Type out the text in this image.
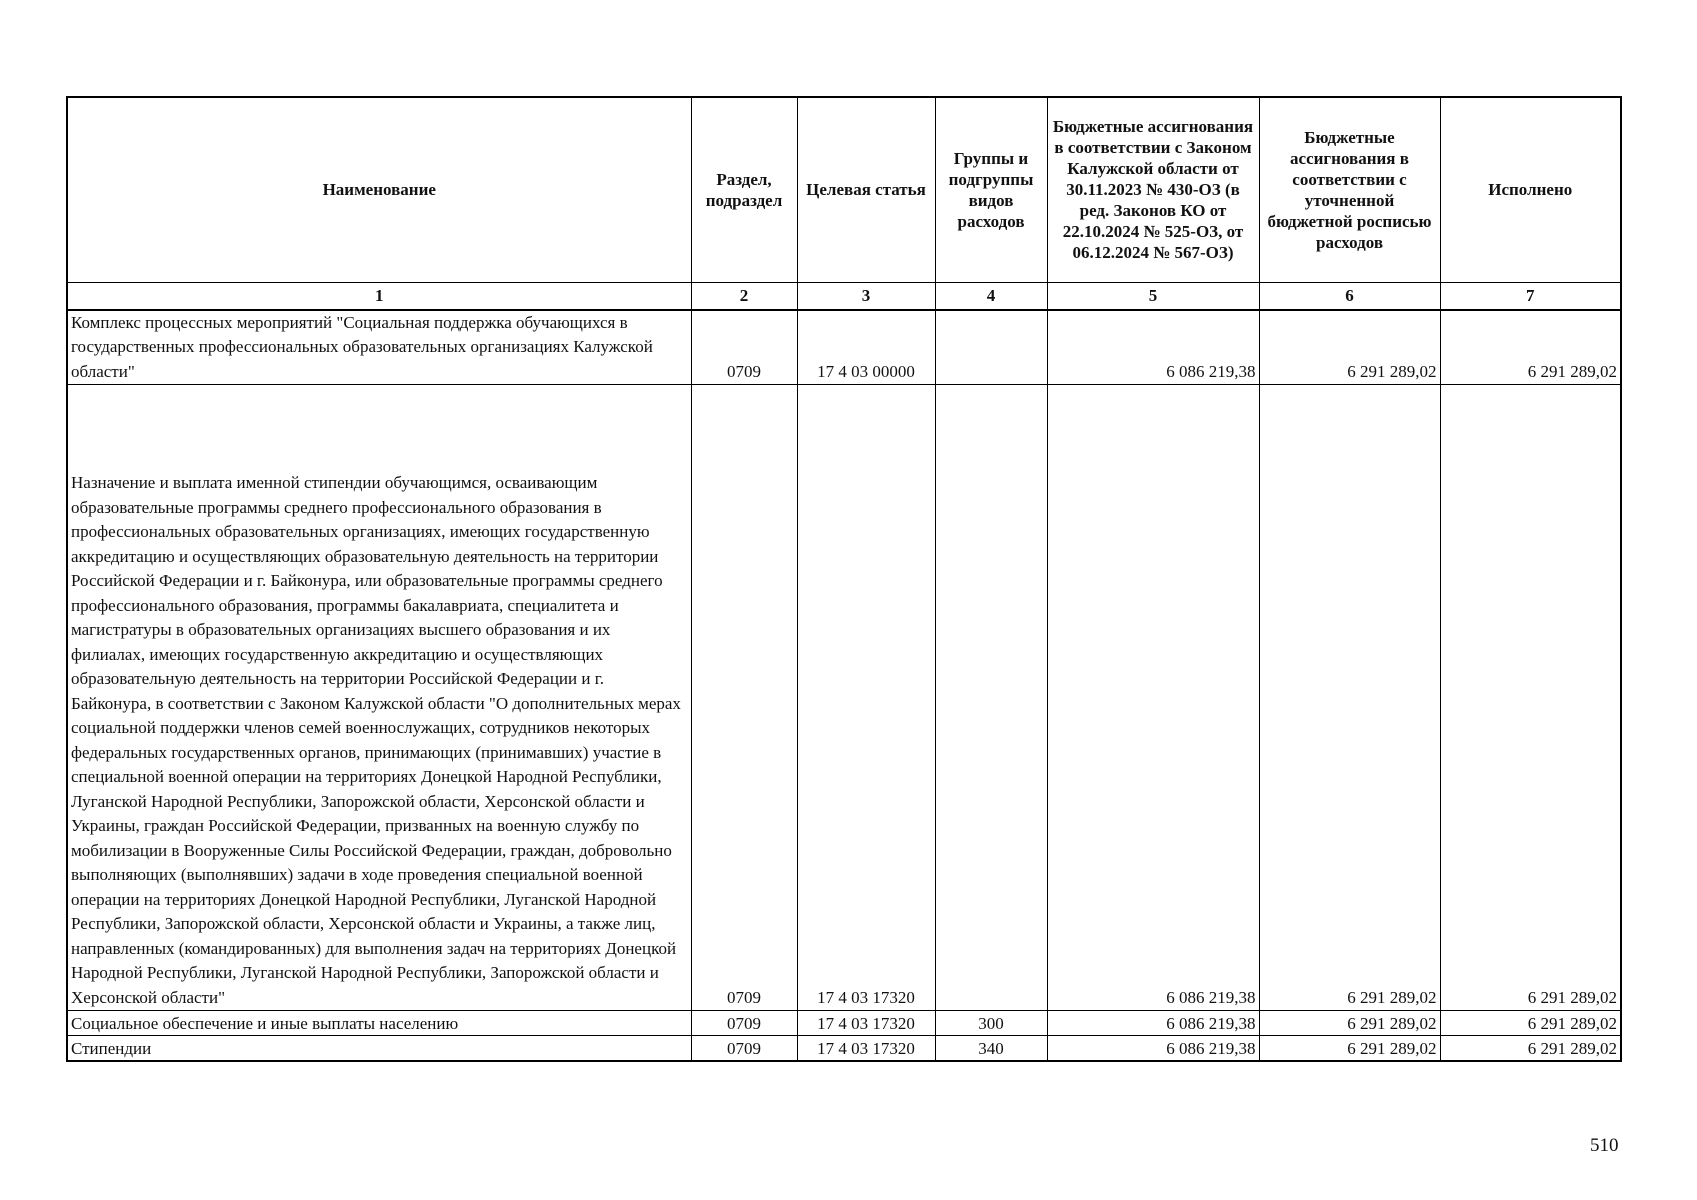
Наименование	Раздел, подраздел	Целевая статья	Группы и подгруппы видов расходов	Бюджетные ассигнования в соответствии с Законом Калужской области от 30.11.2023 № 430-ОЗ (в ред. Законов КО от 22.10.2024 № 525-ОЗ, от 06.12.2024 № 567-ОЗ)	Бюджетные ассигнования в соответствии с уточненной бюджетной росписью расходов	Исполнено
1	2	3	4	5	6	7
Комплекс процессных мероприятий "Социальная поддержка обучающихся в государственных профессиональных образовательных организациях Калужской области"	0709	17 4 03 00000		6 086 219,38	6 291 289,02	6 291 289,02
Назначение и выплата именной стипендии обучающимся, осваивающим образовательные программы среднего профессионального образования в профессиональных образовательных организациях, имеющих государственную аккредитацию и осуществляющих образовательную деятельность на территории Российской Федерации и г. Байконура, или образовательные программы среднего профессионального образования, программы бакалавриата, специалитета и магистратуры в образовательных организациях высшего образования и их филиалах, имеющих государственную аккредитацию и осуществляющих образовательную деятельность на территории Российской Федерации и г. Байконура, в соответствии с Законом Калужской области "О дополнительных мерах социальной поддержки членов семей военнослужащих, сотрудников некоторых федеральных государственных органов, принимающих (принимавших) участие в специальной военной операции на территориях Донецкой Народной Республики, Луганской Народной Республики, Запорожской области, Херсонской области и Украины, граждан Российской Федерации, призванных на военную службу по мобилизации в Вооруженные Силы Российской Федерации, граждан, добровольно выполняющих (выполнявших) задачи в ходе проведения специальной военной операции на территориях Донецкой Народной Республики, Луганской Народной Республики, Запорожской области, Херсонской области и Украины, а также лиц, направленных (командированных) для выполнения задач на территориях Донецкой Народной Республики, Луганской Народной Республики, Запорожской области и Херсонской области"	0709	17 4 03 17320		6 086 219,38	6 291 289,02	6 291 289,02
Социальное обеспечение и иные выплаты населению	0709	17 4 03 17320	300	6 086 219,38	6 291 289,02	6 291 289,02
Стипендии	0709	17 4 03 17320	340	6 086 219,38	6 291 289,02	6 291 289,02
510
